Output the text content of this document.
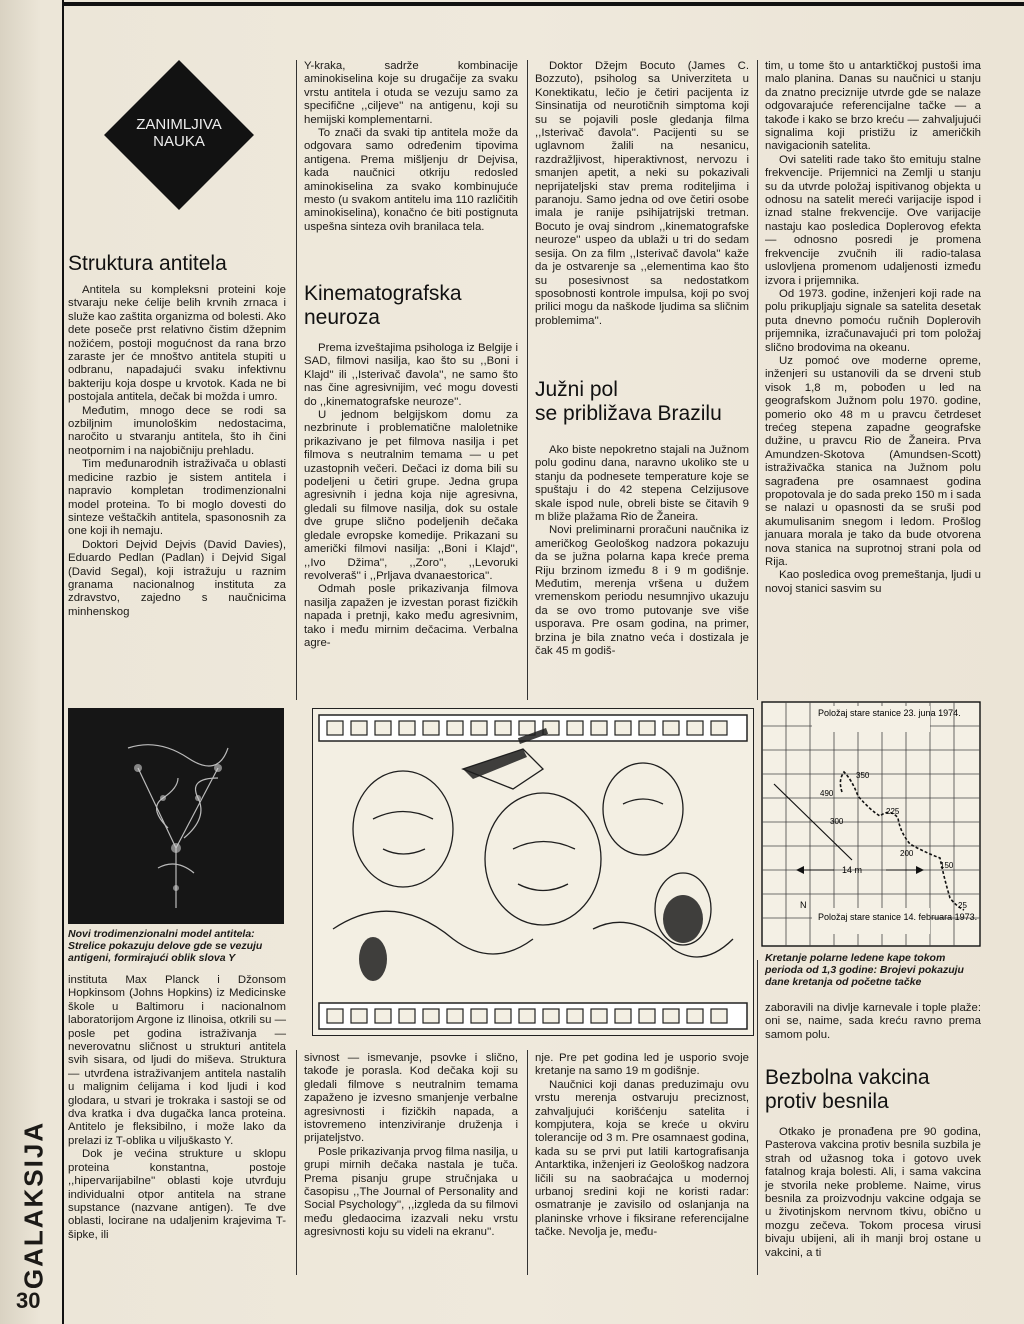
GALAKSIJA
30
ZANIMLJIVA
NAUKA
Struktura antitela

Antitela su kompleksni proteini koje stvaraju neke ćelije belih krvnih zrnaca i služe kao zaštita organizma od bolesti. Ako dete poseče prst relativno čistim džepnim nožićem, postoji mogućnost da rana brzo zaraste jer će mnoštvo antitela stupiti u odbranu, napadajući svaku infektivnu bakteriju koja dospe u krvotok. Kada ne bi postojala antitela, dečak bi možda i umro.

Međutim, mnogo dece se rodi sa ozbiljnim imunološkim nedostacima, naročito u stvaranju antitela, što ih čini neotpornim i na najobičniju prehladu.

Tim međunarodnih istraživača u oblasti medicine razbio je sistem antitela i napravio kompletan trodimenzionalni model proteina. To bi moglo dovesti do sinteze veštačkih antitela, spasonosnih za one koji ih nemaju.

Doktori Dejvid Dejvis (David Davies), Eduardo Pedlan (Padlan) i Dejvid Sigal (David Segal), koji istražuju u raznim granama nacionalnog instituta za zdravstvo, zajedno s naučnicima minhenskog

Novi trodimenzionalni model antitela: Strelice pokazuju delove gde se vezuju antigeni, formirajući oblik slova Y

instituta Max Planck i Džonsom Hopkinsom (Johns Hopkins) iz Medicinske škole u Baltimoru i nacionalnom laboratorijom Argone iz Ilinoisa, otkrili su — posle pet godina istraživanja — neverovatnu sličnost u strukturi antitela svih sisara, od ljudi do miševa. Struktura — utvrđena istraživanjem antitela nastalih u malignim ćelijama i kod ljudi i kod glodara, u stvari je trokraka i sastoji se od dva kratka i dva dugačka lanca proteina. Antitelo je fleksibilno, i može lako da prelazi iz T-oblika u viljuškasto Y.

Dok je većina strukture u sklopu proteina konstantna, postoje ,,hipervarijabilne'' oblasti koje utvrđuju individualni otpor antitela na strane supstance (nazvane antigen). Te dve oblasti, locirane na udaljenim krajevima T-šipke, ili

Y-kraka, sadrže kombinacije aminokiselina koje su drugačije za svaku vrstu antitela i otuda se vezuju samo za specifične ,,ciljeve'' na antigenu, koji su hemijski komplementarni.

To znači da svaki tip antitela može da odgovara samo određenim tipovima antigena. Prema mišljenju dr Dejvisa, kada naučnici otkriju redosled aminokiselina za svako kombinujuće mesto (u svakom antitelu ima 110 različitih aminokiselina), konačno će biti postignuta uspešna sinteza ovih branilaca tela.

Kinematografska
neuroza

Prema izveštajima psihologa iz Belgije i SAD, filmovi nasilja, kao što su ,,Boni i Klajd'' ili ,,Isterivač đavola'', ne samo što nas čine agresivnijim, već mogu dovesti do ,,kinematografske neuroze''.

U jednom belgijskom domu za nezbrinute i problematične maloletnike prikazivano je pet filmova nasilja i pet filmova s neutralnim temama — u pet uzastopnih večeri. Dečaci iz doma bili su podeljeni u četiri grupe. Jedna grupa agresivnih i jedna koja nije agresivna, gledali su filmove nasilja, dok su ostale dve grupe slično podeljenih dečaka gledale evropske komedije. Prikazani su američki filmovi nasilja: ,,Boni i Klajd'', ,,Ivo Džima'', ,,Zoro'', ,,Levoruki revolveraš'' i ,,Prljava dvanaestorica''.

Odmah posle prikazivanja filmova nasilja zapažen je izvestan porast fizičkih napada i pretnji, kako među agresivnim, tako i među mirnim dečacima. Verbalna agre-

Doktor Džejm Bocuto (James C. Bozzuto), psiholog sa Univerziteta u Konektikatu, lečio je četiri pacijenta iz Sinsinatija od neurotičnih simptoma koji su se pojavili posle gledanja filma ,,Isterivač đavola''. Pacijenti su se uglavnom žalili na nesanicu, razdražljivost, hiperaktivnost, nervozu i smanjen apetit, a neki su pokazivali neprijateljski stav prema roditeljima i paranoju. Samo jedna od ove četiri osobe imala je ranije psihijatrijski tretman. Bocuto je ovaj sindrom ,,kinematografske neuroze'' uspeo da ublaži u tri do sedam sesija. On za film ,,Isterivač đavola'' kaže da je ostvarenje sa ,,elementima kao što su posesivnost sa nedostatkom sposobnosti kontrole impulsa, koji po svoj prilici mogu da naškode ljudima sa sličnim problemima''.

Južni pol
se približava Brazilu

Ako biste nepokretno stajali na Južnom polu godinu dana, naravno ukoliko ste u stanju da podnesete temperature koje se spuštaju i do 42 stepena Celzijusove skale ispod nule, obreli biste se čitavih 9 m bliže plažama Rio de Žaneira.

Novi preliminarni proračuni naučnika iz američkog Geološkog nadzora pokazuju da se južna polarna kapa kreće prema Riju brzinom između 8 i 9 m godišnje. Međutim, merenja vršena u dužem vremenskom periodu nesumnjivo ukazuju da se ovo tromo putovanje sve više usporava. Pre osam godina, na primer, brzina je bila znatno veća i dostizala je čak 45 m godiš-

tim, u tome što u antarktičkoj pustoši ima malo planina. Danas su naučnici u stanju da znatno preciznije utvrde gde se nalaze odgovarajuće referencijalne tačke — a takođe i kako se brzo kreću — zahvaljujući signalima koji pristižu iz američkih navigacionih satelita.

Ovi sateliti rade tako što emituju stalne frekvencije. Prijemnici na Zemlji u stanju su da utvrde položaj ispitivanog objekta u odnosu na satelit mereći varijacije ispod i iznad stalne frekvencije. Ove varijacije nastaju kao posledica Doplerovog efekta — odnosno posredi je promena frekvencije zvučnih ili radio-talasa uslovljena promenom udaljenosti između izvora i prijemnika.

Od 1973. godine, inženjeri koji rade na polu prikupljaju signale sa satelita desetak puta dnevno pomoću ručnih Doplerovih prijemnika, izračunavajući pri tom položaj slično brodovima na okeanu.

Uz pomoć ove moderne opreme, inženjeri su ustanovili da se drveni stub visok 1,8 m, pobođen u led na geografskom Južnom polu 1970. godine, pomerio oko 48 m u pravcu četrdeset trećeg stepena zapadne geografske dužine, u pravcu Rio de Žaneira. Prva Amundzen-Skotova (Amundsen-Scott) istraživačka stanica na Južnom polu sagrađena pre osamnaest godina propotovala je do sada preko 150 m i sada se nalazi u opasnosti da se sruši pod akumulisanim snegom i ledom. Prošlog januara morala je tako da bude otvorena nova stanica na suprotnoj strani pola od Rija.

Kao posledica ovog premeštanja, ljudi u novoj stanici sasvim su

sivnost — ismevanje, psovke i slično, takođe je porasla. Kod dečaka koji su gledali filmove s neutralnim temama zapaženo je izvesno smanjenje verbalne agresivnosti i fizičkih napada, a istovremeno intenziviranje druženja i prijateljstvo.

Posle prikazivanja prvog filma nasilja, u grupi mirnih dečaka nastala je tuča. Prema pisanju grupe stručnjaka u časopisu ,,The Journal of Personality and Social Psychology'', ,,izgleda da su filmovi među gledaocima izazvali neku vrstu agresivnosti koju su videli na ekranu''.

nje. Pre pet godina led je usporio svoje kretanje na samo 19 m godišnje.

Naučnici koji danas preduzimaju ovu vrstu merenja ostvaruju preciznost, zahvaljujući korišćenju satelita i kompjutera, koja se kreće u okviru tolerancije od 3 m. Pre osamnaest godina, kada su se prvi put latili kartografisanja Antarktika, inženjeri iz Geološkog nadzora ličili su na saobraćajca u modernoj urbanoj sredini koji ne koristi radar: osmatranje je zavisilo od oslanjanja na planinske vrhove i fiksirane referencijalne tačke. Nevolja je, među-

Položaj stare stanice 23. juna 1974.
Položaj stare stanice 14. februara 1973.
N
14 m
490
350
300
225
200
150
25
Kretanje polarne ledene kape tokom perioda od 1,3 godine: Brojevi pokazuju dane kretanja od početne tačke

zaboravili na divlje karnevale i tople plaže: oni se, naime, sada kreću ravno prema samom polu.

Bezbolna vakcina
protiv besnila

Otkako je pronađena pre 90 godina, Pasterova vakcina protiv besnila suzbila je strah od užasnog toka i gotovo uvek fatalnog kraja bolesti. Ali, i sama vakcina je stvorila neke probleme. Naime, virus besnila za proizvodnju vakcine odgaja se u životinjskom nervnom tkivu, obično u mozgu zečeva. Tokom procesa virusi bivaju ubijeni, ali ih manji broj ostane u vakcini, a ti
